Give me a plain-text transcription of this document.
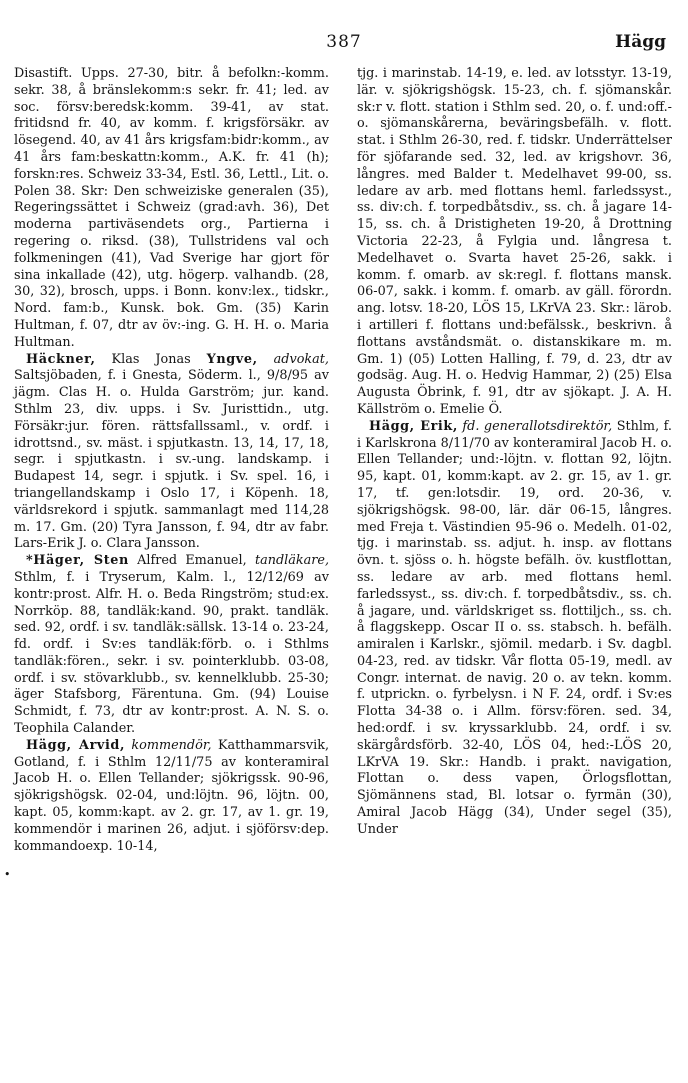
387	Hägg

Disastift. Upps. 27-30, bitr. å befolkn:-komm. sekr. 38, å bränslekomm:s sekr. fr. 41; led. av soc. försv:beredsk:komm. 39-41, av stat. fritidsnd fr. 40, av komm. f. krigsförsäkr. av lösegend. 40, av 41 års krigsfam:bidr:komm., av 41 års fam:beskattn:komm., A.K. fr. 41 (h); forskn:res. Schweiz 33-34, Estl. 36, Lettl., Lit. o. Polen 38. Skr: Den schweiziske generalen (35), Regeringssättet i Schweiz (grad:avh. 36), Det moderna partiväsendets org., Partierna i regering o. riksd. (38), Tullstridens val och folkmeningen (41), Vad Sverige har gjort för sina inkallade (42), utg. högerp. valhandb. (28, 30, 32), brosch, upps. i Bonn. konv:lex., tidskr., Nord. fam:b., Kunsk. bok. Gm. (35) Karin Hultman, f. 07, dtr av öv:-ing. G. H. H. o. Maria Hultman.

Häckner, Klas Jonas Yngve, advokat, Saltsjöbaden, f. i Gnesta, Söderm. l., 9/8/95 av jägm. Clas H. o. Hulda Garström; jur. kand. Sthlm 23, div. upps. i Sv. Juristtidn., utg. Försäkr:jur. fören. rättsfallssaml., v. ordf. i idrottsnd., sv. mäst. i spjutkastn. 13, 14, 17, 18, segr. i spjutkastn. i sv.-ung. landskamp. i Budapest 14, segr. i spjutk. i Sv. spel. 16, i triangellandskamp i Oslo 17, i Köpenh. 18, världsrekord i spjutk. sammanlagt med 114,28 m. 17. Gm. (20) Tyra Jansson, f. 94, dtr av fabr. Lars-Erik J. o. Clara Jansson.

*Häger, Sten Alfred Emanuel, tandläkare, Sthlm, f. i Tryserum, Kalm. l., 12/12/69 av kontr:prost. Alfr. H. o. Beda Ringström; stud:ex. Norrköp. 88, tandläk:kand. 90, prakt. tandläk. sed. 92, ordf. i sv. tandläk:sällsk. 13-14 o. 23-24, fd. ordf. i Sv:es tandläk:förb. o. i Sthlms tandläk:fören., sekr. i sv. pointerklubb. 03-08, ordf. i sv. stövarklubb., sv. kennelklubb. 25-30; äger Stafsborg, Färentuna. Gm. (94) Louise Schmidt, f. 73, dtr av kontr:prost. A. N. S. o. Teophila Calander.

Hägg, Arvid, kommendör, Katthammarsvik, Gotland, f. i Sthlm 12/11/75 av konteramiral Jacob H. o. Ellen Tellander; sjökrigssk. 90-96, sjökrigshögsk. 02-04, und:löjtn. 96, löjtn. 00, kapt. 05, komm:kapt. av 2. gr. 17, av 1. gr. 19, kommendör i marinen 26, adjut. i sjöförsv:dep. kommandoexp. 10-14,

•

tjg. i marinstab. 14-19, e. led. av lotsstyr. 13-19, lär. v. sjökrigshögsk. 15-23, ch. f. sjömanskår. sk:r v. flott. station i Sthlm sed. 20, o. f. und:off.- o. sjömanskårerna, beväringsbefälh. v. flott. stat. i Sthlm 26-30, red. f. tidskr. Underrättelser för sjöfarande sed. 32, led. av krigshovr. 36, långres. med Balder t. Medelhavet 99-00, ss. ledare av arb. med flottans heml. farledssyst., ss. div:ch. f. torpedbåtsdiv., ss. ch. å jagare 14-15, ss. ch. å Dristigheten 19-20, å Drottning Victoria 22-23, å Fylgia und. långresa t. Medelhavet o. Svarta havet 25-26, sakk. i komm. f. omarb. av sk:regl. f. flottans mansk. 06-07, sakk. i komm. f. omarb. av gäll. förordn. ang. lotsv. 18-20, LÖS 15, LKrVA 23. Skr.: lärob. i artilleri f. flottans und:befälssk., beskrivn. å flottans avståndsmät. o. distanskikare m. m. Gm. 1) (05) Lotten Halling, f. 79, d. 23, dtr av godsäg. Aug. H. o. Hedvig Hammar, 2) (25) Elsa Augusta Öbrink, f. 91, dtr av sjökapt. J. A. H. Källström o. Emelie Ö.

Hägg, Erik, fd. generallotsdirektör, Sthlm, f. i Karlskrona 8/11/70 av konteramiral Jacob H. o. Ellen Tellander; und:-löjtn. v. flottan 92, löjtn. 95, kapt. 01, komm:kapt. av 2. gr. 15, av 1. gr. 17, tf. gen:lotsdir. 19, ord. 20-36, v. sjökrigshögsk. 98-00, lär. där 06-15, långres. med Freja t. Västindien 95-96 o. Medelh. 01-02, tjg. i marinstab. ss. adjut. h. insp. av flottans övn. t. sjöss o. h. högste befälh. öv. kustflottan, ss. ledare av arb. med flottans heml. farledssyst., ss. div:ch. f. torpedbåtsdiv., ss. ch. å jagare, und. världskriget ss. flottiljch., ss. ch. å flaggskepp. Oscar II o. ss. stabsch. h. befälh. amiralen i Karlskr., sjömil. medarb. i Sv. dagbl. 04-23, red. av tidskr. Vår flotta 05-19, medl. av Congr. internat. de navig. 20 o. av tekn. komm. f. utprickn. o. fyrbelysn. i N F. 24, ordf. i Sv:es Flotta 34-38 o. i Allm. försv:fören. sed. 34, hed:ordf. i sv. kryssarklubb. 24, ordf. i sv. skärgårdsförb. 32-40, LÖS 04, hed:-LÖS 20, LKrVA 19. Skr.: Handb. i prakt. navigation, Flottan o. dess vapen, Örlogsflottan, Sjömännens stad, Bl. lotsar o. fyrmän (30), Amiral Jacob Hägg (34), Under segel (35), Under
